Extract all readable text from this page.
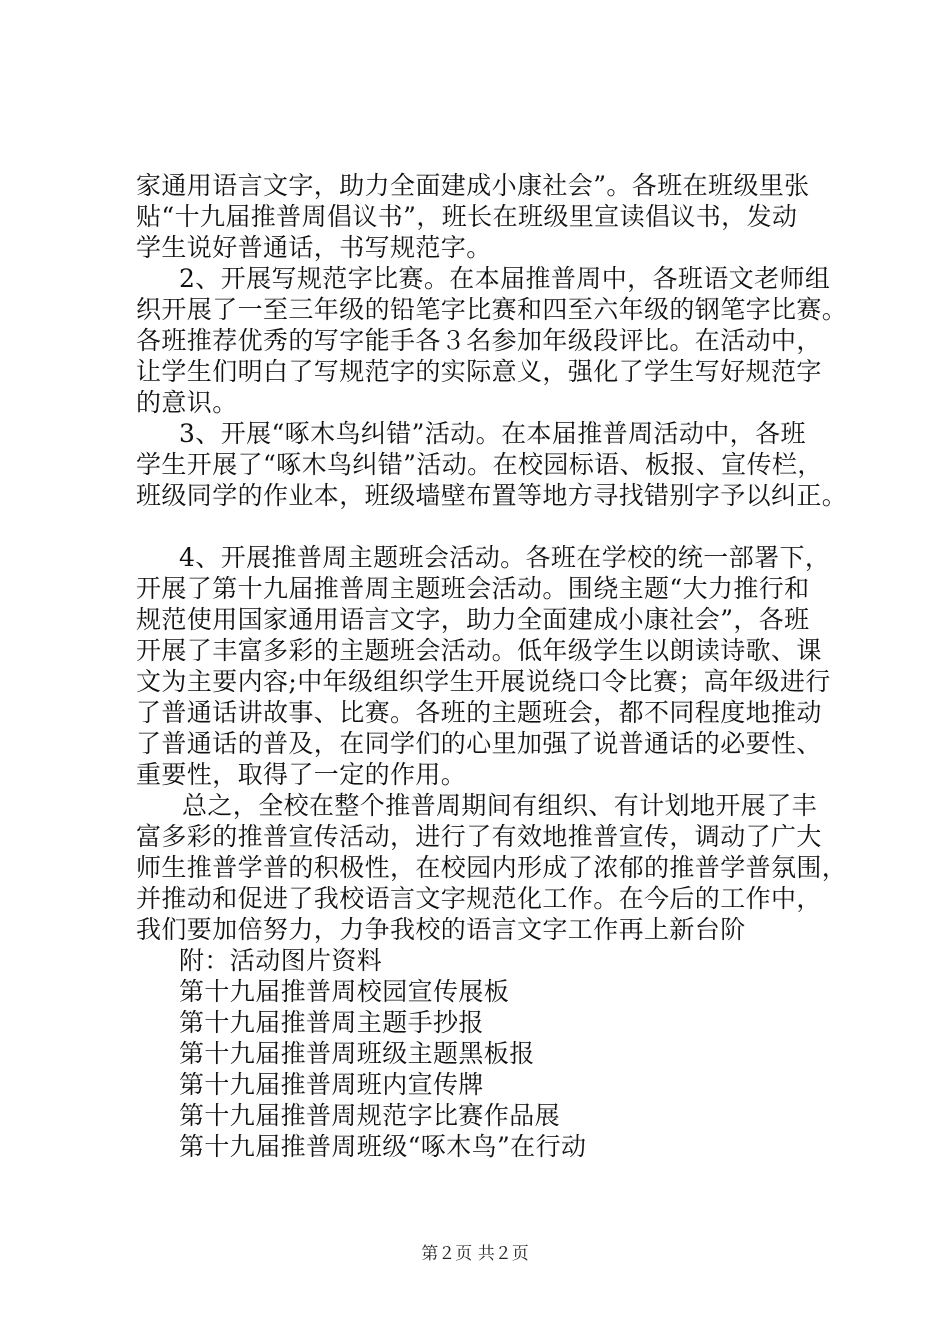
家通用语言文字，助力全面建成小康社会”。各班在班级里张
贴“十九届推普周倡议书”，班长在班级里宣读倡议书，发动
学生说好普通话，书写规范字。
2、开展写规范字比赛。在本届推普周中，各班语文老师组
织开展了一至三年级的铅笔字比赛和四至六年级的钢笔字比赛。
各班推荐优秀的写字能手各３名参加年级段评比。在活动中，
让学生们明白了写规范字的实际意义，强化了学生写好规范字
的意识。
3、开展“啄木鸟纠错”活动。在本届推普周活动中，各班
学生开展了“啄木鸟纠错”活动。在校园标语、板报、宣传栏，
班级同学的作业本，班级墙壁布置等地方寻找错别字予以纠正。
4、开展推普周主题班会活动。各班在学校的统一部署下，
开展了第十九届推普周主题班会活动。围绕主题“大力推行和
规范使用国家通用语言文字，助力全面建成小康社会”，各班
开展了丰富多彩的主题班会活动。低年级学生以朗读诗歌、课
文为主要内容;中年级组织学生开展说绕口令比赛；高年级进行
了普通话讲故事、比赛。各班的主题班会，都不同程度地推动
了普通话的普及，在同学们的心里加强了说普通话的必要性、
重要性，取得了一定的作用。
总之，全校在整个推普周期间有组织、有计划地开展了丰
富多彩的推普宣传活动，进行了有效地推普宣传，调动了广大
师生推普学普的积极性，在校园内形成了浓郁的推普学普氛围，
并推动和促进了我校语言文字规范化工作。在今后的工作中，
我们要加倍努力，力争我校的语言文字工作再上新台阶
附：活动图片资料
第十九届推普周校园宣传展板
第十九届推普周主题手抄报
第十九届推普周班级主题黑板报
第十九届推普周班内宣传牌
第十九届推普周规范字比赛作品展
第十九届推普周班级“啄木鸟”在行动
第２页 共２页
